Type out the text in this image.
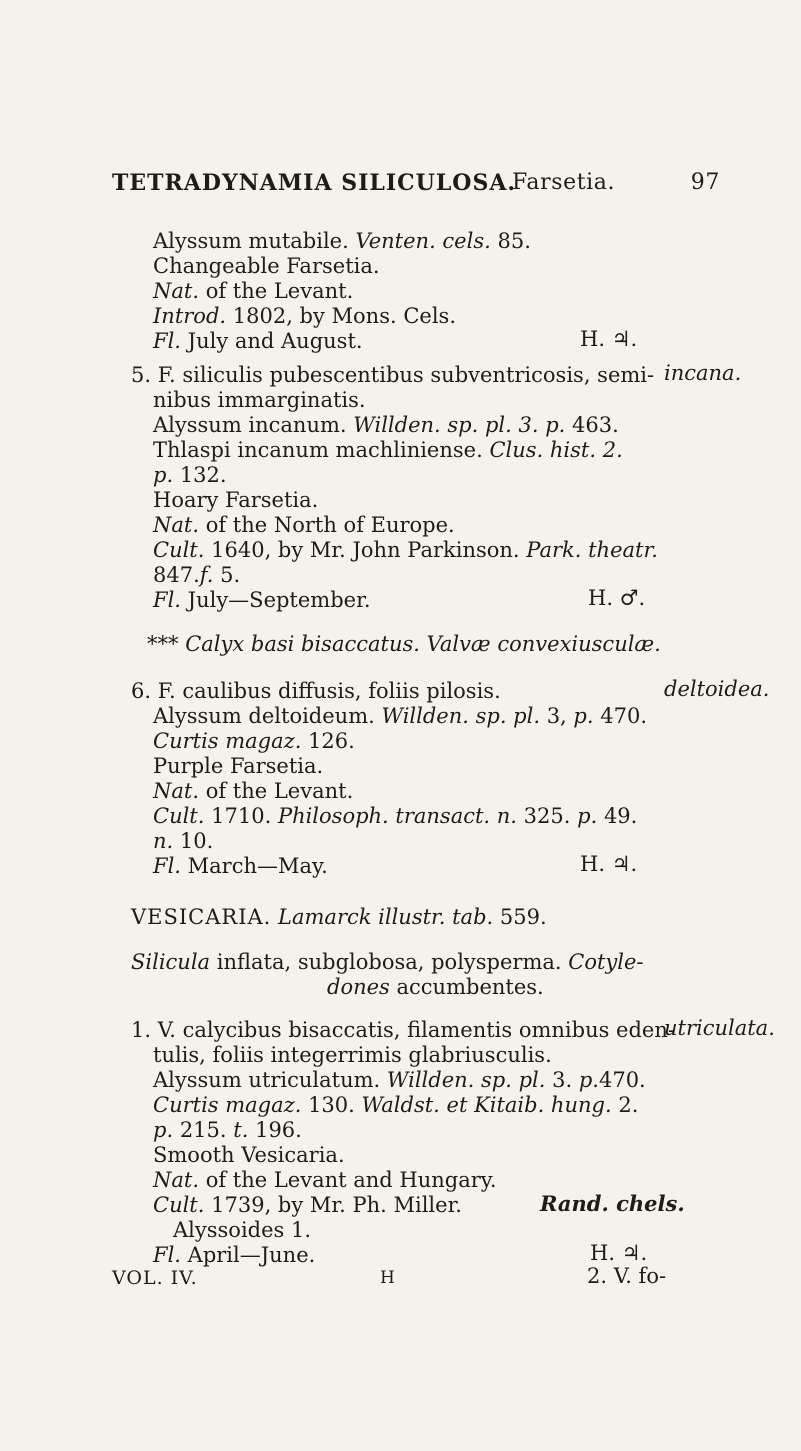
TETRADYNAMIA SILICULOSA.
Farsetia.	97
Alyssum mutabile. Venten. cels. 85.
Changeable Farsetia.
Nat. of the Levant.
Introd. 1802, by Mons. Cels.
Fl. July and August.	H. ♃.
5. F. siliculis pubescentibus subventricosis, semi- incana.
nibus immarginatis.
Alyssum incanum. Willden. sp. pl. 3. p. 463.
Thlaspi incanum machliniense. Clus. hist. 2.
p. 132.
Hoary Farsetia.
Nat. of the North of Europe.
Cult. 1640, by Mr. John Parkinson. Park. theatr.
847.f. 5.
Fl. July—September.	H. ♂.
*** Calyx basi bisaccatus. Valvæ convexiusculæ.
6. F. caulibus diffusis, foliis pilosis.	deltoidea.
Alyssum deltoideum. Willden. sp. pl. 3, p. 470.
Curtis magaz. 126.
Purple Farsetia.
Nat. of the Levant.
Cult. 1710. Philosoph. transact. n. 325. p. 49.
n. 10.
Fl. March—May.	H. ♃.
VESICARIA. Lamarck illustr. tab. 559.
Silicula inflata, subglobosa, polysperma. Cotyle-
dones accumbentes.
1. V. calycibus bisaccatis, filamentis omnibus eden-
utriculata.
tulis, foliis integerrimis glabriusculis.
Alyssum utriculatum. Willden. sp. pl. 3. p.470.
Curtis magaz. 130. Waldst. et Kitaib. hung. 2.
p. 215. t. 196.
Smooth Vesicaria.
Nat. of the Levant and Hungary.
Cult. 1739, by Mr. Ph. Miller.	Rand. chels.
Alyssoides 1.
Fl. April—June.	H. ♃.
VOL. IV.	H	2. V. fo-
